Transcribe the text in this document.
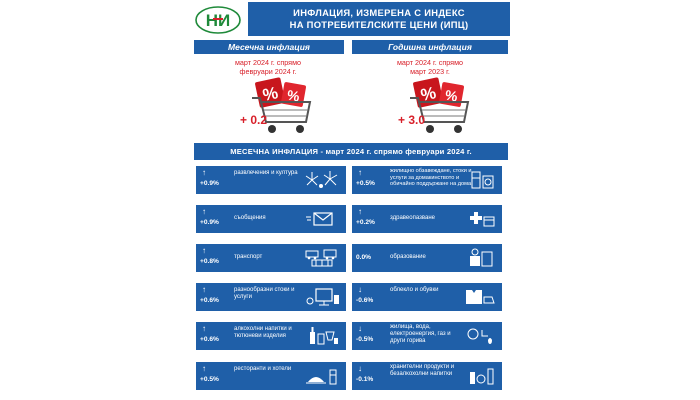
НИ	ИНФЛАЦИЯ, ИЗМЕРЕНА С ИНДЕКС
НА ПОТРЕБИТЕЛСКИТЕ ЦЕНИ (ИПЦ)
Месечна инфлация
март 2024 г. спрямо
февруари 2024 г.
% %
+ 0.2
Годишна инфлация
март 2024 г. спрямо
март 2023 г.
% %
+ 3.0
МЕСЕЧНА ИНФЛАЦИЯ - март 2024 г. спрямо февруари 2024 г.
↑
+0.9%
развлечения и култура
↑
+0.9%
съобщения
↑
+0.8%
транспорт
↑
+0.6%
разнообразни стоки и услуги
↑
+0.6%
алкохолни напитки и тютюневи изделия
↑
+0.5%
ресторанти и хотели
↑
+0.5%
жилищно обзавеждане, стоки и услуги за домакинството и обичайно поддържане на дома
↑
+0.2%
здравеопазване
0.0%	образование
↓
-0.6%
облекло и обувки
↓
-0.5%
жилища, вода, електроенергия, газ и други горива
↓
-0.1%
хранителни продукти и безалкохолни напитки
